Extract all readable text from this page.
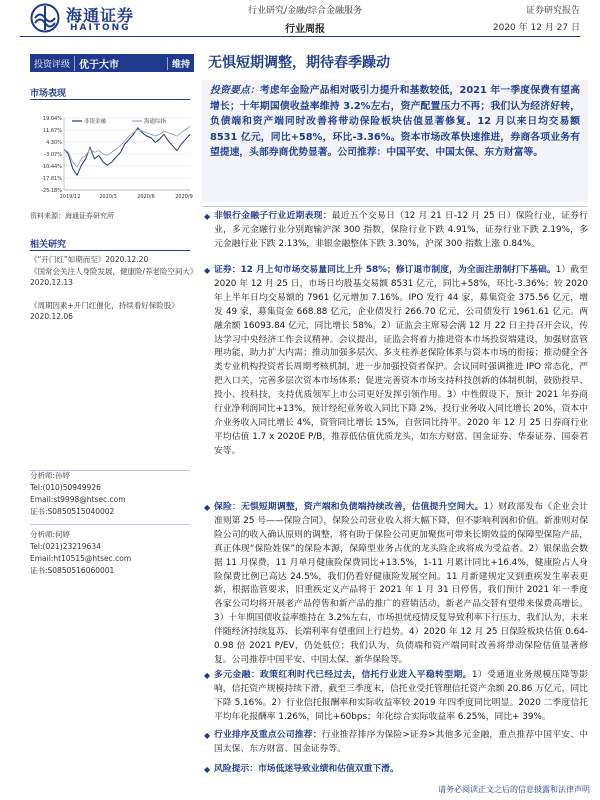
海通证券
HAITONG
行业研究/金融/综合金融服务
行业周报
证券研究报告
2020 年 12 月 27 日
投资评级 优于大市	维持 无惧短期调整，期待春季躁动
市场表现
19.04%
11.67%
4.30%
-3.07%
-10.44%
-17.81%
-25.18%
2019/12	2020/3	2020/6	2020/9
非银金融	海通综指
资料来源：海通证券研究所
相关研究
《“开门红”如期而至》2020.12.20
《国常会关注人身险发展，健康险/养老险空间大》2020.12.13
《周期因素+开门红催化，持续看好保险股》2020.12.06
分析师:孙婷
Tel:(010)50949926
Email:st9998@htsec.com
证书:S0850515040002
分析师:何婷
Tel:(021)23219634
Email:ht10515@htsec.com
证书:S0850516060001
投资要点：考虑年金险产品相对吸引力提升和基数较低，2021 年一季度保费有望高增长；十年期国债收益率维持 3.2%左右，资产配置压力不再；我们认为经济好转，负债端和资产端同时改善将带动保险板块估值显著修复。12 月以来日均交易额 8531 亿元，同比+58%，环比-3.36%。资本市场改革快速推进，券商各项业务有望提速，头部券商优势显著。公司推荐：中国平安、中国太保、东方财富等。
◆ 非银行金融子行业近期表现：最近五个交易日（12 月 21 日-12 月 25 日）保险行业，证券行业，多元金融行业分别跑输沪深 300 指数，保险行业下跌 4.91%，证券行业下跌 2.19%，多元金融行业下跌 2.13%，非银金融整体下跌 3.30%，沪深 300 指数上涨 0.84%。
◆ 证券：12 月上旬市场交易量同比上升 58%；修订退市制度，为全面注册制打下基础。1）截至 2020 年 12 月 25 日，市场日均股基交易额 8531 亿元，同比+58%，环比-3.36%；较 2020 年上半年日均交易额的 7961 亿元增加 7.16%。IPO 发行 44 家，募集资金 375.56 亿元，增发 49 家，募集资金 668.88 亿元，企业债发行 266.70 亿元，公司债发行 1961.61 亿元。两融余额 16093.84 亿元，同比增长 58%。2）证监会主席易会满 12 月 22 日主持召开会议，传达学习中央经济工作会议精神。会议提出，证监会将着力推进资本市场投资端建设，加强财富管理功能，助力扩大内需；推动加强多层次、多支柱养老保险体系与资本市场的衔接；推动健全各类专业机构投资者长周期考核机制，进一步加强投资者保护。会议同时强调推进 IPO 常态化，严把入口关，完善多层次资本市场体系；促进完善资本市场支持科技创新的体制机制，鼓励投早、投小、投科技，支持优质领军上市公司更好发挥引领作用。3）中性假设下，预计 2021 年券商行业净利润同比+13%，预计经纪业务收入同比下降 2%，投行业务收入同比增长 20%，资本中介业务收入同比增长 4%，资管同比增长 15%，自营同比持平。2020 年 12 月 25 日券商行业平均估值 1.7 x 2020E P/B，推荐低估值优质龙头，如东方财富、国金证券、华泰证券、国泰君安等。
◆ 保险：无惧短期调整，资产端和负债端持续改善，估值提升空间大。1）财政部发布《企业会计准则第 25 号——保险合同》，保险公司营业收入将大幅下降，但不影响利润和价值。新准则对保险公司的收入确认原则的调整，将有助于保险公司更加聚焦可带来长期效益的保障型保险产品，真正体现“保险姓保”的保险本源，保障型业务占优的龙头险企或将成为受益者。2）银保监会数据 11 月保费，11 月单月健康险保费同比+13.5%，1-11 月累计同比+16.4%，健康险占人身险保费比例已高达 24.5%，我们仍看好健康险发展空间。11 月新建规定又到重疾发生率表更新，根据监管要求，旧重疾定义产品将于 2021 年 1 月 31 日停售，我们预计 2021 年一季度各家公司均将开展老产品停售和新产品的推广的营销活动，新老产品交替有望带来保费高增长。3）十年期国债收益率维持在 3.2%左右，市场担忧疫情反复导致利率下行压力，我们认为，未来伴随经济持续复苏、长端利率有望重回上行趋势。4）2020 年 12 月 25 日保险板块估值 0.64-0.98 倍 2021 P/EV，仍处低位；我们认为，负债端和资产端同时改善将带动保险估值显著修复。公司推荐中国平安、中国太保、新华保险等。
◆ 多元金融：政策红利时代已经过去，信托行业进入平稳转型期。1）受通道业务规模压降等影响，信托资产规模持续下滑，截至三季度末，信托业受托管理信托资产余额 20.86 万亿元，同比下降 5.16%。2）行业信托报酬率和实际收益率较 2019 年四季度同比明显。2020 二季度信托平均年化报酬率 1.26%，同比+60bps；年化综合实际收益率 6.25%，同比+ 39%。
◆ 行业排序及重点公司推荐：行业推荐排序为保险>证券>其他多元金融，重点推荐中国平安、中国太保、东方财富、国金证券等。
◆ 风险提示：市场低迷导致业绩和估值双重下滑。
请务必阅读正文之后的信息披露和法律声明
